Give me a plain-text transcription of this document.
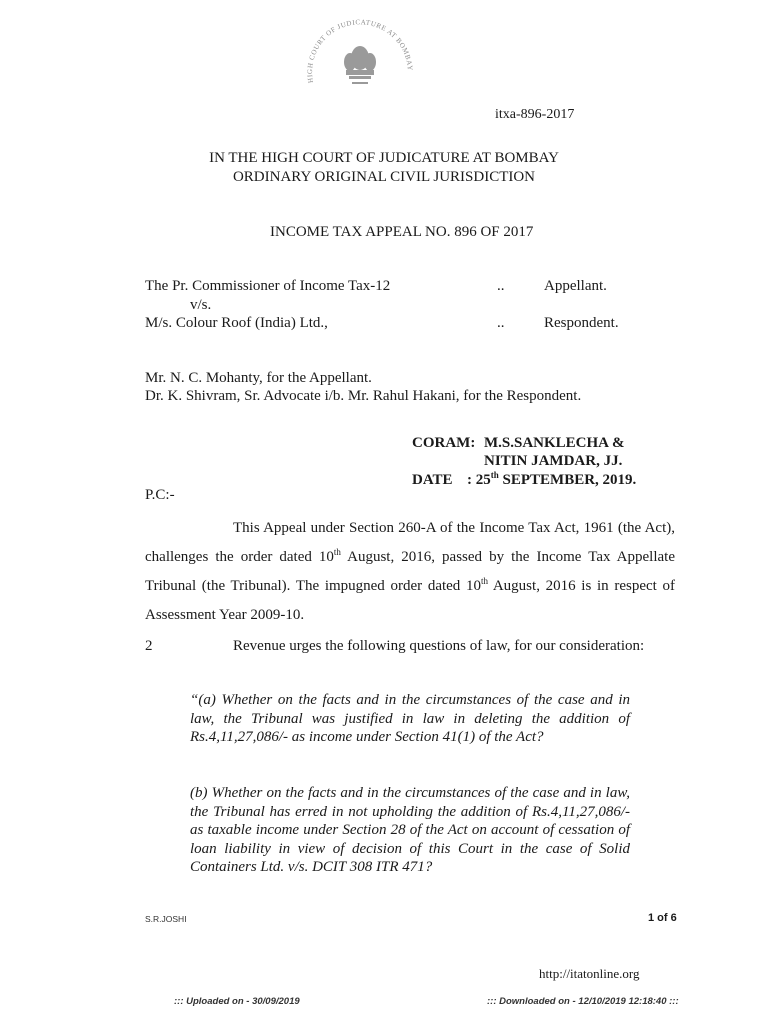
HIGH COURT OF JUDICATURE AT BOMBAY
itxa-896-2017
IN THE HIGH COURT OF JUDICATURE AT BOMBAY
ORDINARY ORIGINAL CIVIL JURISDICTION
INCOME TAX APPEAL NO. 896 OF 2017
The Pr. Commissioner of Income Tax-12	..	Appellant.
v/s.
M/s. Colour Roof (India) Ltd.,	..	Respondent.
Mr. N. C. Mohanty, for the Appellant.
Dr. K. Shivram, Sr. Advocate i/b. Mr. Rahul Hakani, for the Respondent.
CORAM: M.S.SANKLECHA &
NITIN JAMDAR, JJ.
DATE : 25th SEPTEMBER, 2019.
P.C:-
This Appeal under Section 260-A of the Income Tax Act, 1961 (the Act), challenges the order dated 10th August, 2016, passed by the Income Tax Appellate Tribunal (the Tribunal). The impugned order dated 10th August, 2016 is in respect of Assessment Year 2009-10.
2	Revenue urges the following questions of law, for our consideration:
“(a) Whether on the facts and in the circumstances of the case and in law, the Tribunal was justified in law in deleting the addition of Rs.4,11,27,086/- as income under Section 41(1) of the Act?
(b) Whether on the facts and in the circumstances of the case and in law, the Tribunal has erred in not upholding the addition of Rs.4,11,27,086/- as taxable income under Section 28 of the Act on account of cessation of loan liability in view of decision of this Court in the case of Solid Containers Ltd. v/s. DCIT 308 ITR 471?
S.R.JOSHI	1 of 6
http://itatonline.org
::: Uploaded on - 30/09/2019	::: Downloaded on - 12/10/2019 12:18:40 :::
